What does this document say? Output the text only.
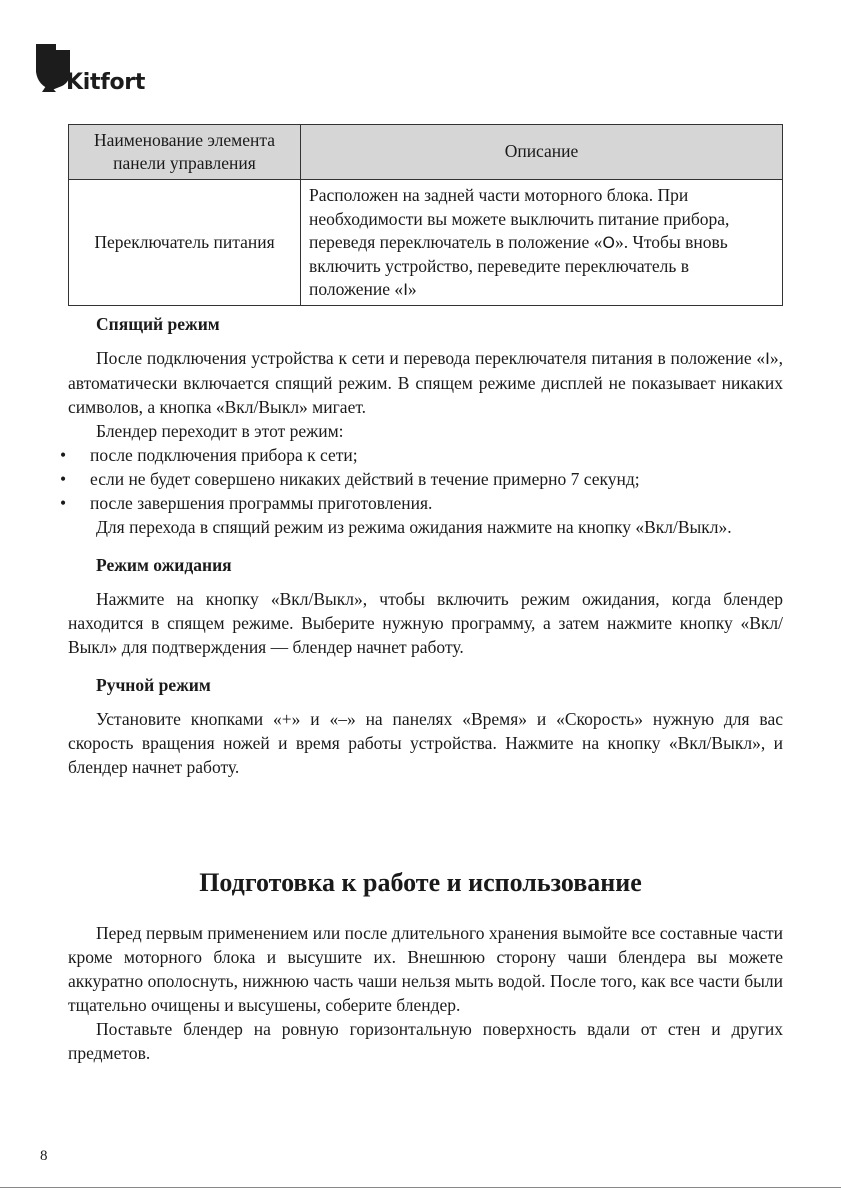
Kitfort
Наименование элемента панели управления	Описание
Переключатель питания	Расположен на задней части моторного блока. При необходимости вы можете выключить питание прибора, переведя переключатель в положение «O». Чтобы вновь включить устройство, переведите переключатель в положение «I»

Спящий режим

После подключения устройства к сети и перевода переключателя питания в положение «I», автоматически включается спящий режим. В спящем режиме дисплей не показывает никаких символов, а кнопка «Вкл/Выкл» мигает.

Блендер переходит в этот режим:

• после подключения прибора к сети;
• если не будет совершено никаких действий в течение примерно 7 секунд;
• после завершения программы приготовления.

Для перехода в спящий режим из режима ожидания нажмите на кнопку «Вкл/Выкл».

Режим ожидания

Нажмите на кнопку «Вкл/Выкл», чтобы включить режим ожидания, когда блендер находится в спящем режиме. Выберите нужную программу, а затем нажмите кнопку «Вкл/Выкл» для подтверждения — блендер начнет работу.

Ручной режим

Установите кнопками «+» и «–» на панелях «Время» и «Скорость» нужную для вас скорость вращения ножей и время работы устройства. Нажмите на кнопку «Вкл/Выкл», и блендер начнет работу.

Подготовка к работе и использование

Перед первым применением или после длительного хранения вымойте все составные части кроме моторного блока и высушите их. Внешнюю сторону чаши блендера вы можете аккуратно ополоснуть, нижнюю часть чаши нельзя мыть водой. После того, как все части были тщательно очищены и высушены, соберите блендер.

Поставьте блендер на ровную горизонтальную поверхность вдали от стен и других предметов.

8
